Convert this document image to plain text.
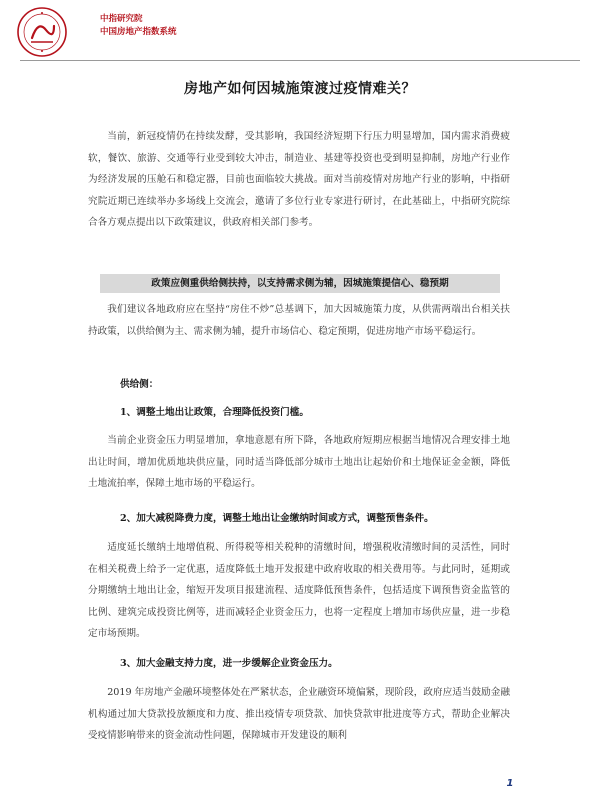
中指研究院
中国房地产指数系统
房地产如何因城施策渡过疫情难关？

当前，新冠疫情仍在持续发酵，受其影响，我国经济短期下行压力明显增加，国内需求消费疲软，餐饮、旅游、交通等行业受到较大冲击，制造业、基建等投资也受到明显抑制，房地产行业作为经济发展的压舱石和稳定器，目前也面临较大挑战。面对当前疫情对房地产行业的影响，中指研究院近期已连续举办多场线上交流会，邀请了多位行业专家进行研讨，在此基础上，中指研究院综合各方观点提出以下政策建议，供政府相关部门参考。

政策应侧重供给侧扶持，以支持需求侧为辅，因城施策提信心、稳预期

我们建议各地政府应在坚持“房住不炒”总基调下，加大因城施策力度，从供需两端出台相关扶持政策，以供给侧为主、需求侧为辅，提升市场信心、稳定预期，促进房地产市场平稳运行。

供给侧：
1、调整土地出让政策，合理降低投资门槛。

当前企业资金压力明显增加，拿地意愿有所下降，各地政府短期应根据当地情况合理安排土地出让时间，增加优质地块供应量，同时适当降低部分城市土地出让起始价和土地保证金金额，降低土地流拍率，保障土地市场的平稳运行。

2、加大减税降费力度，调整土地出让金缴纳时间或方式，调整预售条件。

适度延长缴纳土地增值税、所得税等相关税种的清缴时间，增强税收清缴时间的灵活性，同时在相关税费上给予一定优惠，适度降低土地开发报建中政府收取的相关费用等。与此同时，延期或分期缴纳土地出让金，缩短开发项目报建流程、适度降低预售条件，包括适度下调预售资金监管的比例、建筑完成投资比例等，进而减轻企业资金压力，也将一定程度上增加市场供应量，进一步稳定市场预期。

3、加大金融支持力度，进一步缓解企业资金压力。

2019 年房地产金融环境整体处在严紧状态，企业融资环境偏紧，现阶段，政府应适当鼓励金融机构通过加大贷款投放额度和力度、推出疫情专项贷款、加快贷款审批进度等方式，帮助企业解决受疫情影响带来的资金流动性问题，保障城市开发建设的顺利

1
